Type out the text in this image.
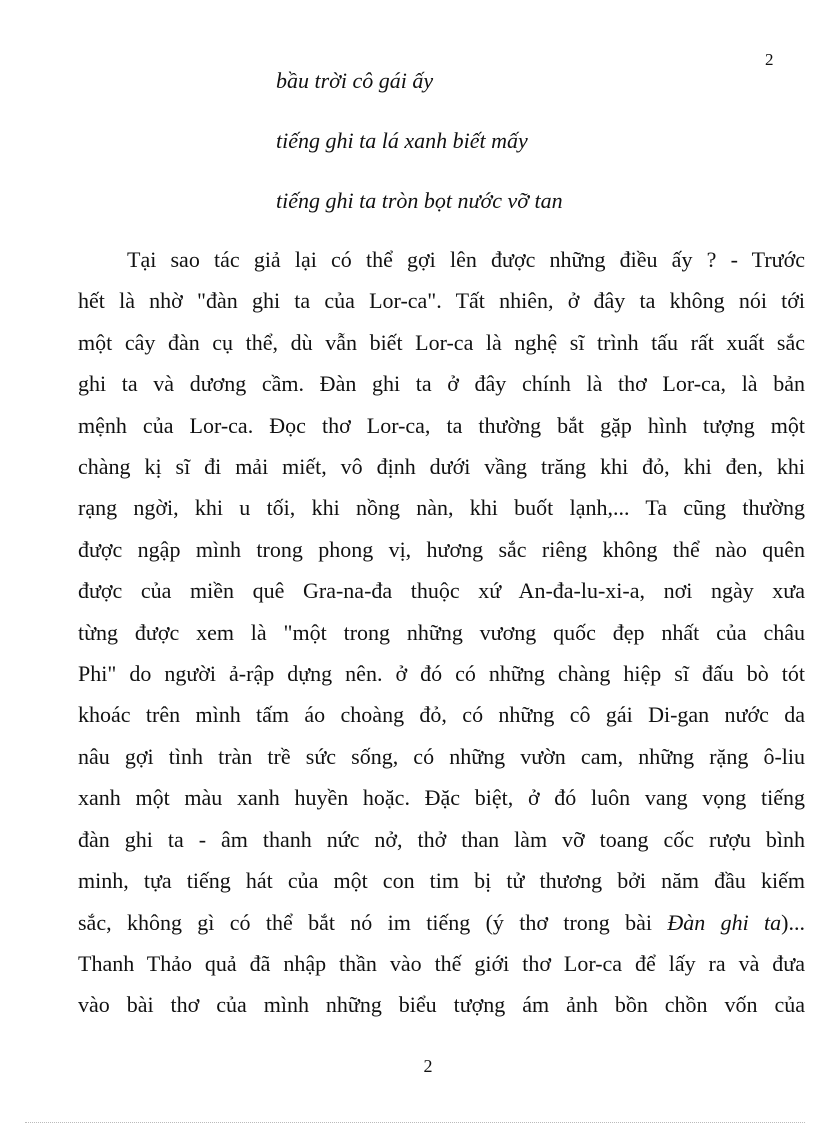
2
bầu trời cô gái ấy
tiếng ghi ta lá xanh biết mấy
tiếng ghi ta tròn bọt nước vỡ tan
Tại sao tác giả lại có thể gợi lên được những điều ấy ? - Trước
hết là nhờ "đàn ghi ta của Lor-ca". Tất nhiên, ở đây ta không nói tới
một cây đàn cụ thể, dù vẫn biết Lor-ca là nghệ sĩ trình tấu rất xuất sắc
ghi ta và dương cầm. Đàn ghi ta ở đây chính là thơ Lor-ca, là bản
mệnh của Lor-ca. Đọc thơ Lor-ca, ta thường bắt gặp hình tượng một
chàng kị sĩ đi mải miết, vô định dưới vầng trăng khi đỏ, khi đen, khi
rạng ngời, khi u tối, khi nồng nàn, khi buốt lạnh,... Ta cũng thường
được ngập mình trong phong vị, hương sắc riêng không thể nào quên
được của miền quê Gra-na-đa thuộc xứ An-đa-lu-xi-a, nơi ngày xưa
từng được xem là "một trong những vương quốc đẹp nhất của châu
Phi" do người ả-rập dựng nên. ở đó có những chàng hiệp sĩ đấu bò tót
khoác trên mình tấm áo choàng đỏ, có những cô gái Di-gan nước da
nâu gợi tình tràn trề sức sống, có những vườn cam, những rặng ô-liu
xanh một màu xanh huyền hoặc. Đặc biệt, ở đó luôn vang vọng tiếng
đàn ghi ta - âm thanh nức nở, thở than làm vỡ toang cốc rượu bình
minh, tựa tiếng hát của một con tim bị tử thương bởi năm đầu kiếm
sắc, không gì có thể bắt nó im tiếng (ý thơ trong bài Đàn ghi ta)...
Thanh Thảo quả đã nhập thần vào thế giới thơ Lor-ca để lấy ra và đưa
vào bài thơ của mình những biểu tượng ám ảnh bồn chồn vốn của
2
